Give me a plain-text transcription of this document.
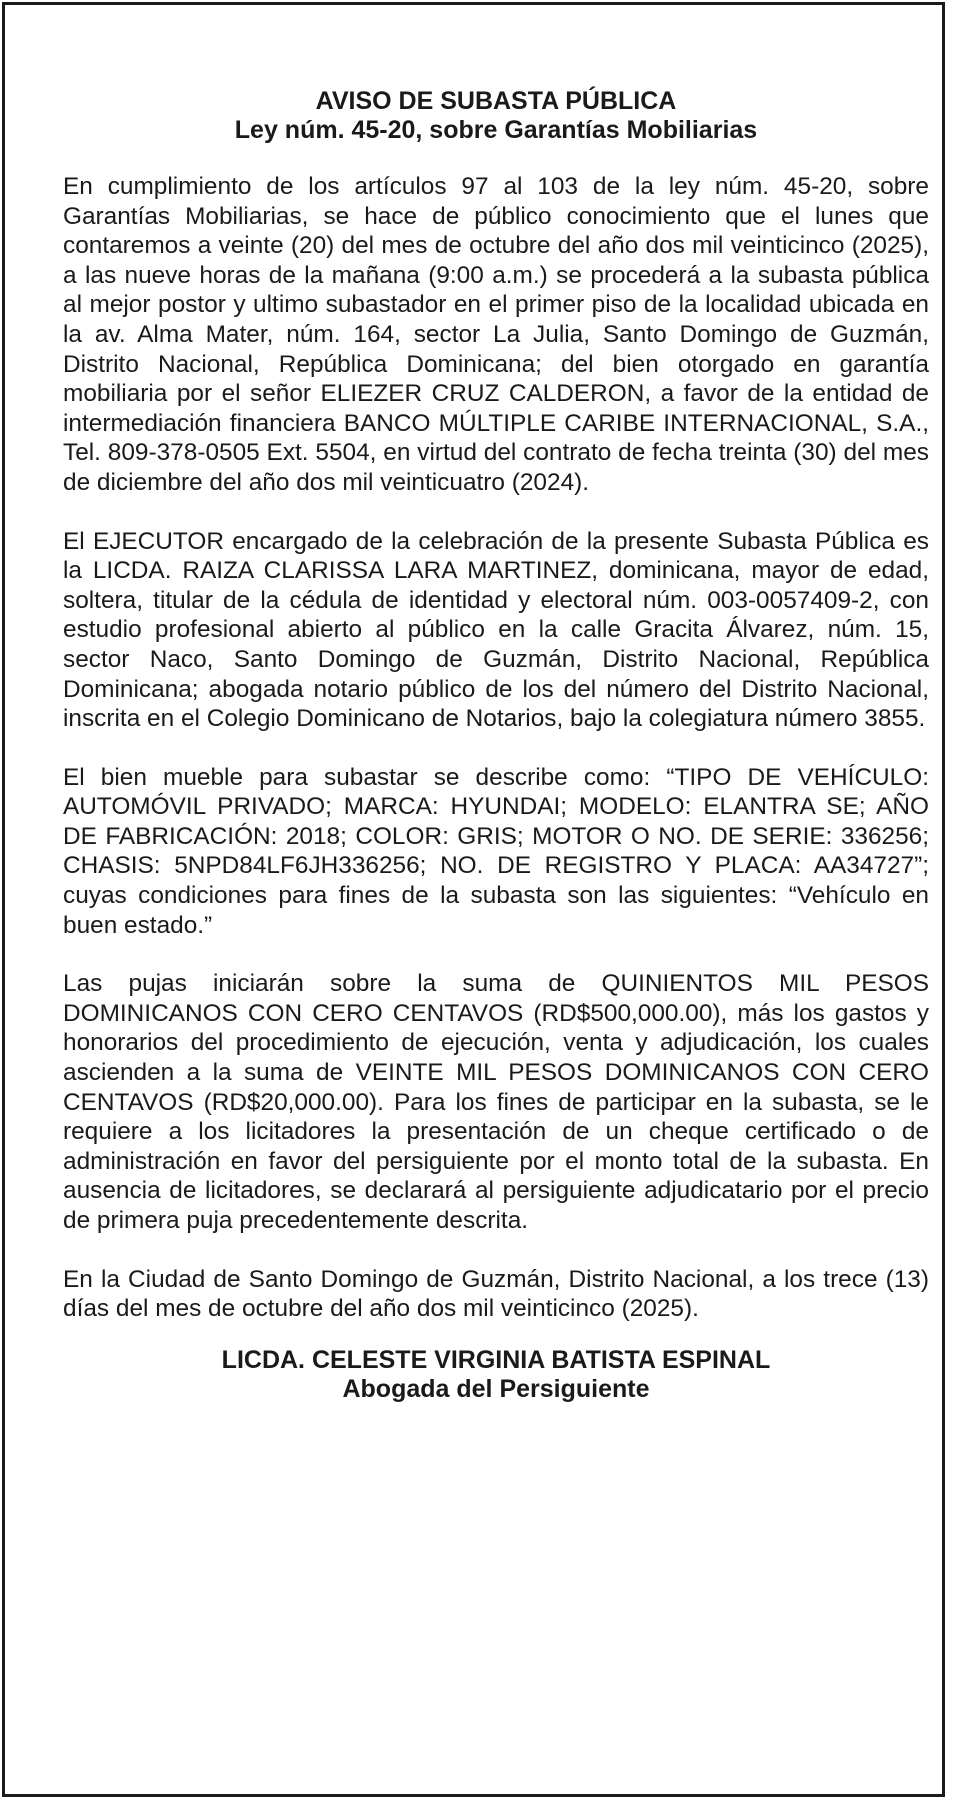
AVISO DE SUBASTA PÚBLICA
Ley núm. 45-20, sobre Garantías Mobiliarias

En cumplimiento de los artículos 97 al 103 de la ley núm. 45-20, sobre Garantías Mobiliarias, se hace de público conocimiento que el lunes que contaremos a veinte (20) del mes de octubre del año dos mil veinticinco (2025), a las nueve horas de la mañana (9:00 a.m.) se procederá a la subasta pública al mejor postor y ultimo subastador en el primer piso de la localidad ubicada en la av. Alma Mater, núm. 164, sector La Julia, Santo Domingo de Guzmán, Distrito Nacional, República Dominicana; del bien otorgado en garantía mobiliaria por el señor ELIEZER CRUZ CALDERON, a favor de la entidad de intermediación financiera BANCO MÚLTIPLE CARIBE INTERNACIONAL, S.A., Tel. 809-378-0505 Ext. 5504, en virtud del contrato de fecha treinta (30) del mes de diciembre del año dos mil veinticuatro (2024).

El EJECUTOR encargado de la celebración de la presente Subasta Pública es la LICDA. RAIZA CLARISSA LARA MARTINEZ, dominicana, mayor de edad, soltera, titular de la cédula de identidad y electoral núm. 003-0057409-2, con estudio profesional abierto al público en la calle Gracita Álvarez, núm. 15, sector Naco, Santo Domingo de Guzmán, Distrito Nacional, República Dominicana; abogada notario público de los del número del Distrito Nacional, inscrita en el Colegio Dominicano de Notarios, bajo la colegiatura número 3855.

El bien mueble para subastar se describe como: “TIPO DE VEHÍCULO: AUTOMÓVIL PRIVADO; MARCA: HYUNDAI; MODELO: ELANTRA SE; AÑO DE FABRICACIÓN: 2018; COLOR: GRIS; MOTOR O NO. DE SERIE: 336256; CHASIS: 5NPD84LF6JH336256; NO. DE REGISTRO Y PLACA: AA34727”; cuyas condiciones para fines de la subasta son las siguientes: “Vehículo en buen estado.”

Las pujas iniciarán sobre la suma de QUINIENTOS MIL PESOS DOMINICANOS CON CERO CENTAVOS (RD$500,000.00), más los gastos y honorarios del procedimiento de ejecución, venta y adjudicación, los cuales ascienden a la suma de VEINTE MIL PESOS DOMINICANOS CON CERO CENTAVOS (RD$20,000.00). Para los fines de participar en la subasta, se le requiere a los licitadores la presentación de un cheque certificado o de administración en favor del persiguiente por el monto total de la subasta. En ausencia de licitadores, se declarará al persiguiente adjudicatario por el precio de primera puja precedentemente descrita.

En la Ciudad de Santo Domingo de Guzmán, Distrito Nacional, a los trece (13) días del mes de octubre del año dos mil veinticinco (2025).

LICDA. CELESTE VIRGINIA BATISTA ESPINAL

Abogada del Persiguiente
